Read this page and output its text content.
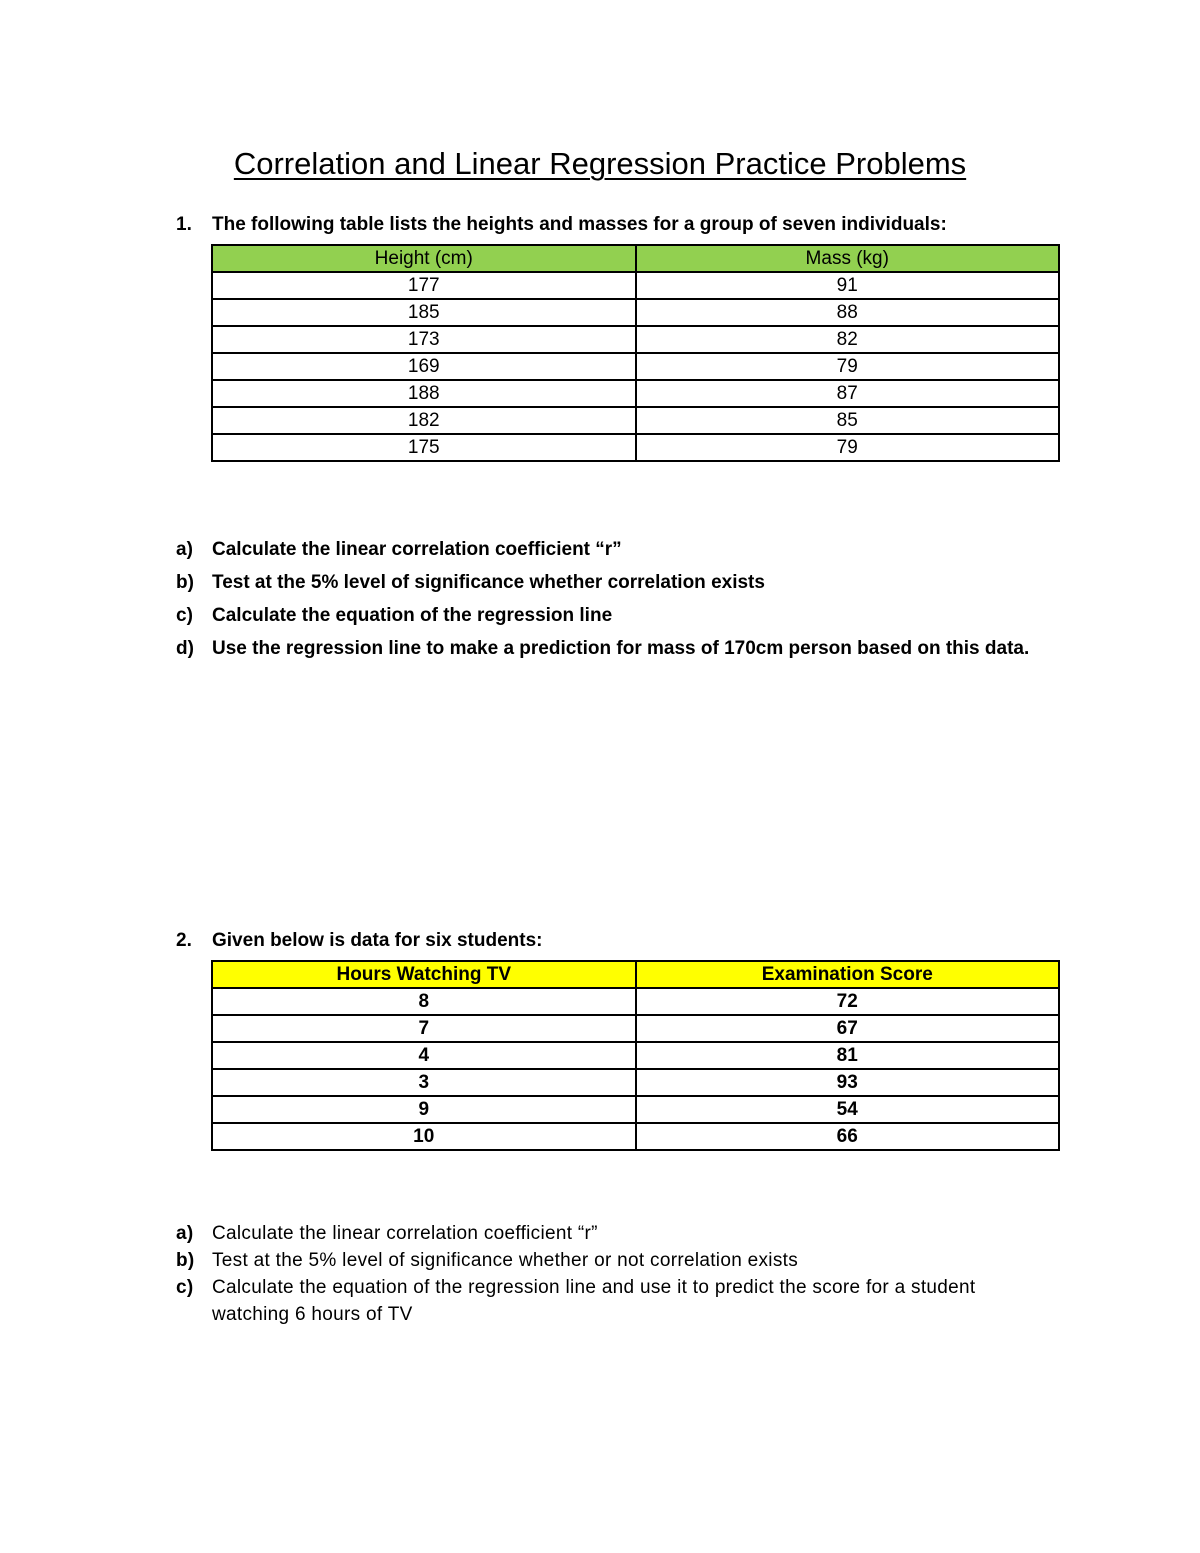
Correlation and Linear Regression Practice Problems
1. The following table lists the heights and masses for a group of seven individuals:
Height (cm)	Mass (kg)
177	91
185	88
173	82
169	79
188	87
182	85
175	79
a) Calculate the linear correlation coefficient “r”
b) Test at the 5% level of significance whether correlation exists
c) Calculate the equation of the regression line
d) Use the regression line to make a prediction for mass of 170cm person based on this data.
2. Given below is data for six students:
Hours Watching TV	Examination Score
8	72
7	67
4	81
3	93
9	54
10	66
a) Calculate the linear correlation coefficient “r”
b) Test at the 5% level of significance whether or not correlation exists
c) Calculate the equation of the regression line and use it to predict the score for a student watching 6 hours of TV
